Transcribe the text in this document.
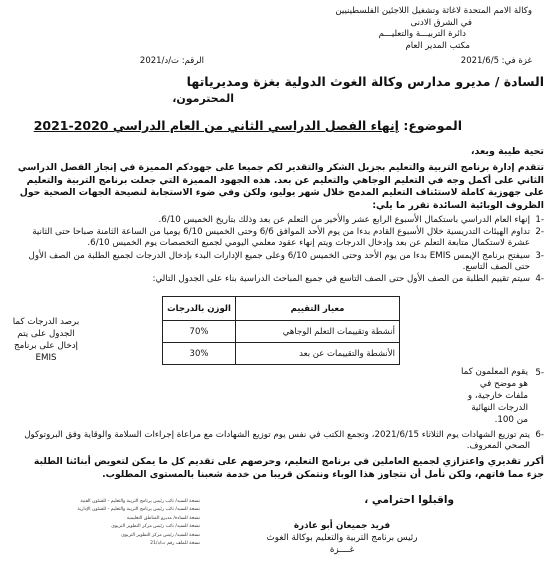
وكالة الامم المتحدة لاغاثة وتشغيل اللاجئين الفلسطينيين
في الشرق الادنى
دائرة التربيـــة والتعليـــم
مكتب المدير العام
الرقم: ت/د/2021	غزة في: 2021/6/5
السادة / مديرو مدارس وكالة الغوث الدولية بغزة ومديرياتها
المحترمون،
الموضوع: إنهاء الفصل الدراسي الثاني من العام الدراسي 2020-2021
تحية طيبة وبعد،
تتقدم إدارة برنامج التربية والتعليم بجزيل الشكر والتقدير لكم جميعا على جهودكم المميزة في إنجاز الفصل الدراسي الثاني على أكمل وجه في التعليم الوجاهي والتعليم عن بعد. هذه الجهود المميزة التي جعلت برنامج التربية والتعليم على جهوزية كاملة لاستئناف التعليم المدمج خلال شهر يوليو، ولكن وفي ضوء الاستجابة لنصيحة الجهات الصحية حول الظروف الوبائية السائدة تقرر ما يلي:
-1
إنهاء العام الدراسي باستكمال الأسبوع الرابع عشر والأخير من التعلم عن بعد وذلك بتاريخ الخميس 6/10.
-2
تداوم الهيئات التدريسية خلال الأسبوع القادم بدءا من يوم الأحد الموافق 6/6 وحتى الخميس 6/10 يوميا من الساعة الثامنة صباحا حتى الثانية عشرة لاستكمال متابعة التعلم عن بعد وإدخال الدرجات ويتم إنهاء عقود معلمي اليومي لجميع التخصصات يوم الخميس 6/10.
-3
سيفتح برنامج الإيمس EMIS بدءا من يوم الأحد وحتى الخميس 6/10 وعلى جميع الإدارات البدء بإدخال الدرجات لجميع الطلبة من الصف الأول حتى الصف التاسع.
-4
سيتم تقييم الطلبة من الصف الأول حتى الصف التاسع في جميع المباحث الدراسية بناء على الجدول التالي:
معيار التقييم	الوزن بالدرجات
أنشطة وتقييمات التعلم الوجاهي	70%
الأنشطة والتقييمات عن بعد	30%
-5
يقوم المعلمون كما هو موضح في ملفات خارجية، و الدرجات النهائية من 100.
برصد الدرجات كما الجدول على يتم إدخال على برنامج EMIS
-6
يتم توزيع الشهادات يوم الثلاثاء 2021/6/15، وتجمع الكتب في نفس يوم توزيع الشهادات مع مراعاة إجراءات السلامة والوقاية وفق البروتوكول الصحي المعروف.
أكرر تقديري واعتزازي لجميع العاملين في برنامج التعليم، وحرصهم على تقديم كل ما يمكن لتعويض أبنائنا الطلبة جزء مما فاتهم، ولكن نأمل أن نتجاوز هذا الوباء ونتمكن قريبا من خدمة شعبنا بالمستوى المطلوب.
واقبلوا احترامي ،
فريد جميعان أبو عاذرة
رئيس برنامج التربية والتعليم بوكالة الغوث
غــــزة
نسخة للسيد/ نائب رئيس برنامج التربية والتعليم - للشئون الفنية
نسخة للسيد/ نائب رئيس برنامج التربية والتعليم - للشئون الإدارية
نسخة للسادة/ مديرو المناطق التعليمية
نسخة للسيد/ نائب رئيس مركز التطوير التربوي
نسخة للسيد/ رئيس مركز التطوير التربوي
نسخة للملف رقم ت/د/21
